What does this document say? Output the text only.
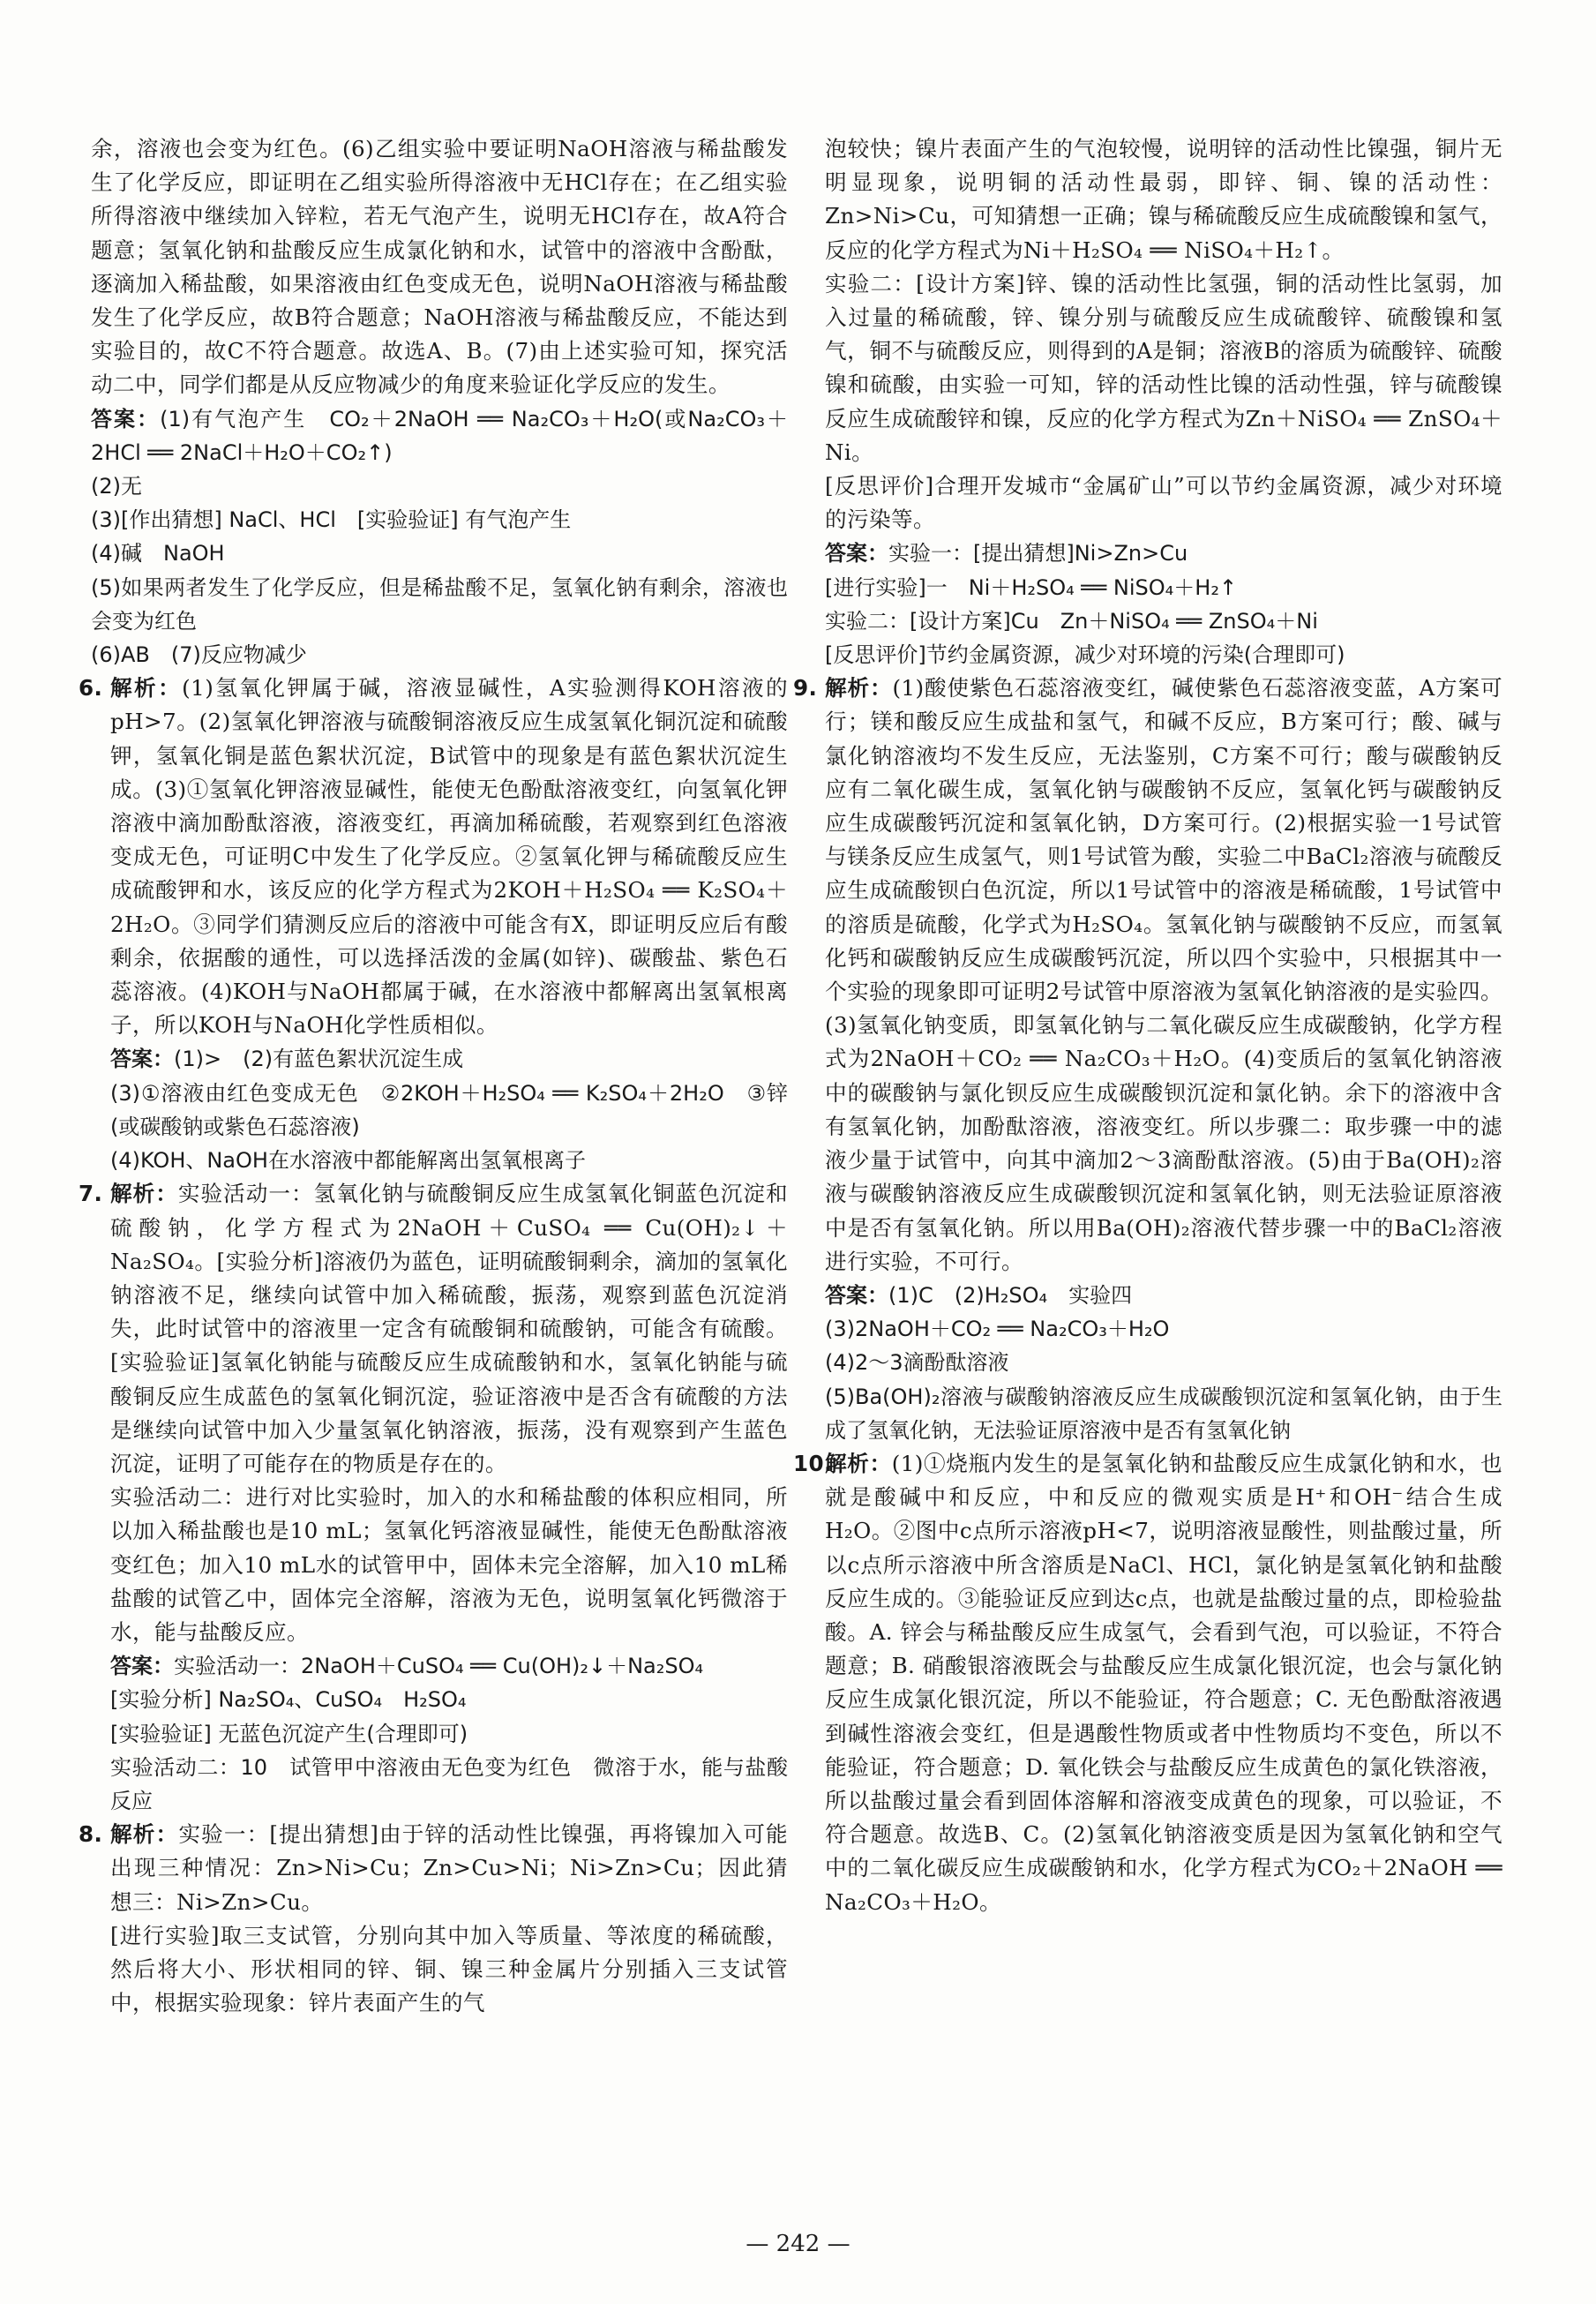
余，溶液也会变为红色。(6)乙组实验中要证明NaOH溶液与稀盐酸发生了化学反应，即证明在乙组实验所得溶液中无HCl存在；在乙组实验所得溶液中继续加入锌粒，若无气泡产生，说明无HCl存在，故A符合题意；氢氧化钠和盐酸反应生成氯化钠和水，试管中的溶液中含酚酞，逐滴加入稀盐酸，如果溶液由红色变成无色，说明NaOH溶液与稀盐酸发生了化学反应，故B符合题意；NaOH溶液与稀盐酸反应，不能达到实验目的，故C不符合题意。故选A、B。(7)由上述实验可知，探究活动二中，同学们都是从反应物减少的角度来验证化学反应的发生。

答案：(1)有气泡产生　CO₂＋2NaOH ══ Na₂CO₃＋H₂O(或Na₂CO₃＋2HCl ══ 2NaCl＋H₂O＋CO₂↑)
(2)无
(3)[作出猜想] NaCl、HCl　[实验验证] 有气泡产生
(4)碱　NaOH
(5)如果两者发生了化学反应，但是稀盐酸不足，氢氧化钠有剩余，溶液也会变为红色
(6)AB　(7)反应物减少
6. 解析：(1)氢氧化钾属于碱，溶液显碱性，A实验测得KOH溶液的pH>7。(2)氢氧化钾溶液与硫酸铜溶液反应生成氢氧化铜沉淀和硫酸钾，氢氧化铜是蓝色絮状沉淀，B试管中的现象是有蓝色絮状沉淀生成。(3)①氢氧化钾溶液显碱性，能使无色酚酞溶液变红，向氢氧化钾溶液中滴加酚酞溶液，溶液变红，再滴加稀硫酸，若观察到红色溶液变成无色，可证明C中发生了化学反应。②氢氧化钾与稀硫酸反应生成硫酸钾和水，该反应的化学方程式为2KOH＋H₂SO₄ ══ K₂SO₄＋2H₂O。③同学们猜测反应后的溶液中可能含有X，即证明反应后有酸剩余，依据酸的通性，可以选择活泼的金属(如锌)、碳酸盐、紫色石蕊溶液。(4)KOH与NaOH都属于碱，在水溶液中都解离出氢氧根离子，所以KOH与NaOH化学性质相似。
答案：(1)>　(2)有蓝色絮状沉淀生成
(3)①溶液由红色变成无色　②2KOH＋H₂SO₄ ══ K₂SO₄＋2H₂O　③锌(或碳酸钠或紫色石蕊溶液)
(4)KOH、NaOH在水溶液中都能解离出氢氧根离子
7. 解析：实验活动一：氢氧化钠与硫酸铜反应生成氢氧化铜蓝色沉淀和硫酸钠，化学方程式为2NaOH＋CuSO₄ ══ Cu(OH)₂↓＋Na₂SO₄。[实验分析]溶液仍为蓝色，证明硫酸铜剩余，滴加的氢氧化钠溶液不足，继续向试管中加入稀硫酸，振荡，观察到蓝色沉淀消失，此时试管中的溶液里一定含有硫酸铜和硫酸钠，可能含有硫酸。[实验验证]氢氧化钠能与硫酸反应生成硫酸钠和水，氢氧化钠能与硫酸铜反应生成蓝色的氢氧化铜沉淀，验证溶液中是否含有硫酸的方法是继续向试管中加入少量氢氧化钠溶液，振荡，没有观察到产生蓝色沉淀，证明了可能存在的物质是存在的。
实验活动二：进行对比实验时，加入的水和稀盐酸的体积应相同，所以加入稀盐酸也是10 mL；氢氧化钙溶液显碱性，能使无色酚酞溶液变红色；加入10 mL水的试管甲中，固体未完全溶解，加入10 mL稀盐酸的试管乙中，固体完全溶解，溶液为无色，说明氢氧化钙微溶于水，能与盐酸反应。
答案：实验活动一：2NaOH＋CuSO₄ ══ Cu(OH)₂↓＋Na₂SO₄
[实验分析] Na₂SO₄、CuSO₄　H₂SO₄
[实验验证] 无蓝色沉淀产生(合理即可)
实验活动二：10　试管甲中溶液由无色变为红色　微溶于水，能与盐酸反应
8. 解析：实验一：[提出猜想]由于锌的活动性比镍强，再将镍加入可能出现三种情况：Zn>Ni>Cu；Zn>Cu>Ni；Ni>Zn>Cu；因此猜想三：Ni>Zn>Cu。
[进行实验]取三支试管，分别向其中加入等质量、等浓度的稀硫酸，然后将大小、形状相同的锌、铜、镍三种金属片分别插入三支试管中，根据实验现象：锌片表面产生的气
泡较快；镍片表面产生的气泡较慢，说明锌的活动性比镍强，铜片无明显现象，说明铜的活动性最弱，即锌、铜、镍的活动性：Zn>Ni>Cu，可知猜想一正确；镍与稀硫酸反应生成硫酸镍和氢气，反应的化学方程式为Ni＋H₂SO₄ ══ NiSO₄＋H₂↑。
实验二：[设计方案]锌、镍的活动性比氢强，铜的活动性比氢弱，加入过量的稀硫酸，锌、镍分别与硫酸反应生成硫酸锌、硫酸镍和氢气，铜不与硫酸反应，则得到的A是铜；溶液B的溶质为硫酸锌、硫酸镍和硫酸，由实验一可知，锌的活动性比镍的活动性强，锌与硫酸镍反应生成硫酸锌和镍，反应的化学方程式为Zn＋NiSO₄ ══ ZnSO₄＋Ni。
[反思评价]合理开发城市“金属矿山”可以节约金属资源，减少对环境的污染等。
答案：实验一：[提出猜想]Ni>Zn>Cu
[进行实验]一　Ni＋H₂SO₄ ══ NiSO₄＋H₂↑
实验二：[设计方案]Cu　Zn＋NiSO₄ ══ ZnSO₄＋Ni
[反思评价]节约金属资源，减少对环境的污染(合理即可)
9. 解析：(1)酸使紫色石蕊溶液变红，碱使紫色石蕊溶液变蓝，A方案可行；镁和酸反应生成盐和氢气，和碱不反应，B方案可行；酸、碱与氯化钠溶液均不发生反应，无法鉴别，C方案不可行；酸与碳酸钠反应有二氧化碳生成，氢氧化钠与碳酸钠不反应，氢氧化钙与碳酸钠反应生成碳酸钙沉淀和氢氧化钠，D方案可行。(2)根据实验一1号试管与镁条反应生成氢气，则1号试管为酸，实验二中BaCl₂溶液与硫酸反应生成硫酸钡白色沉淀，所以1号试管中的溶液是稀硫酸，1号试管中的溶质是硫酸，化学式为H₂SO₄。氢氧化钠与碳酸钠不反应，而氢氧化钙和碳酸钠反应生成碳酸钙沉淀，所以四个实验中，只根据其中一个实验的现象即可证明2号试管中原溶液为氢氧化钠溶液的是实验四。(3)氢氧化钠变质，即氢氧化钠与二氧化碳反应生成碳酸钠，化学方程式为2NaOH＋CO₂ ══ Na₂CO₃＋H₂O。(4)变质后的氢氧化钠溶液中的碳酸钠与氯化钡反应生成碳酸钡沉淀和氯化钠。余下的溶液中含有氢氧化钠，加酚酞溶液，溶液变红。所以步骤二：取步骤一中的滤液少量于试管中，向其中滴加2～3滴酚酞溶液。(5)由于Ba(OH)₂溶液与碳酸钠溶液反应生成碳酸钡沉淀和氢氧化钠，则无法验证原溶液中是否有氢氧化钠。所以用Ba(OH)₂溶液代替步骤一中的BaCl₂溶液进行实验，不可行。
答案：(1)C　(2)H₂SO₄　实验四
(3)2NaOH＋CO₂ ══ Na₂CO₃＋H₂O
(4)2～3滴酚酞溶液
(5)Ba(OH)₂溶液与碳酸钠溶液反应生成碳酸钡沉淀和氢氧化钠，由于生成了氢氧化钠，无法验证原溶液中是否有氢氧化钠
10.
解析：(1)①烧瓶内发生的是氢氧化钠和盐酸反应生成氯化钠和水，也就是酸碱中和反应，中和反应的微观实质是H⁺和OH⁻结合生成H₂O。②图中c点所示溶液pH<7，说明溶液显酸性，则盐酸过量，所以c点所示溶液中所含溶质是NaCl、HCl，氯化钠是氢氧化钠和盐酸反应生成的。③能验证反应到达c点，也就是盐酸过量的点，即检验盐酸。A. 锌会与稀盐酸反应生成氢气，会看到气泡，可以验证，不符合题意；B. 硝酸银溶液既会与盐酸反应生成氯化银沉淀，也会与氯化钠反应生成氯化银沉淀，所以不能验证，符合题意；C. 无色酚酞溶液遇到碱性溶液会变红，但是遇酸性物质或者中性物质均不变色，所以不能验证，符合题意；D. 氧化铁会与盐酸反应生成黄色的氯化铁溶液，所以盐酸过量会看到固体溶解和溶液变成黄色的现象，可以验证，不符合题意。故选B、C。(2)氢氧化钠溶液变质是因为氢氧化钠和空气中的二氧化碳反应生成碳酸钠和水，化学方程式为CO₂＋2NaOH ══ Na₂CO₃＋H₂O。
— 242 —
